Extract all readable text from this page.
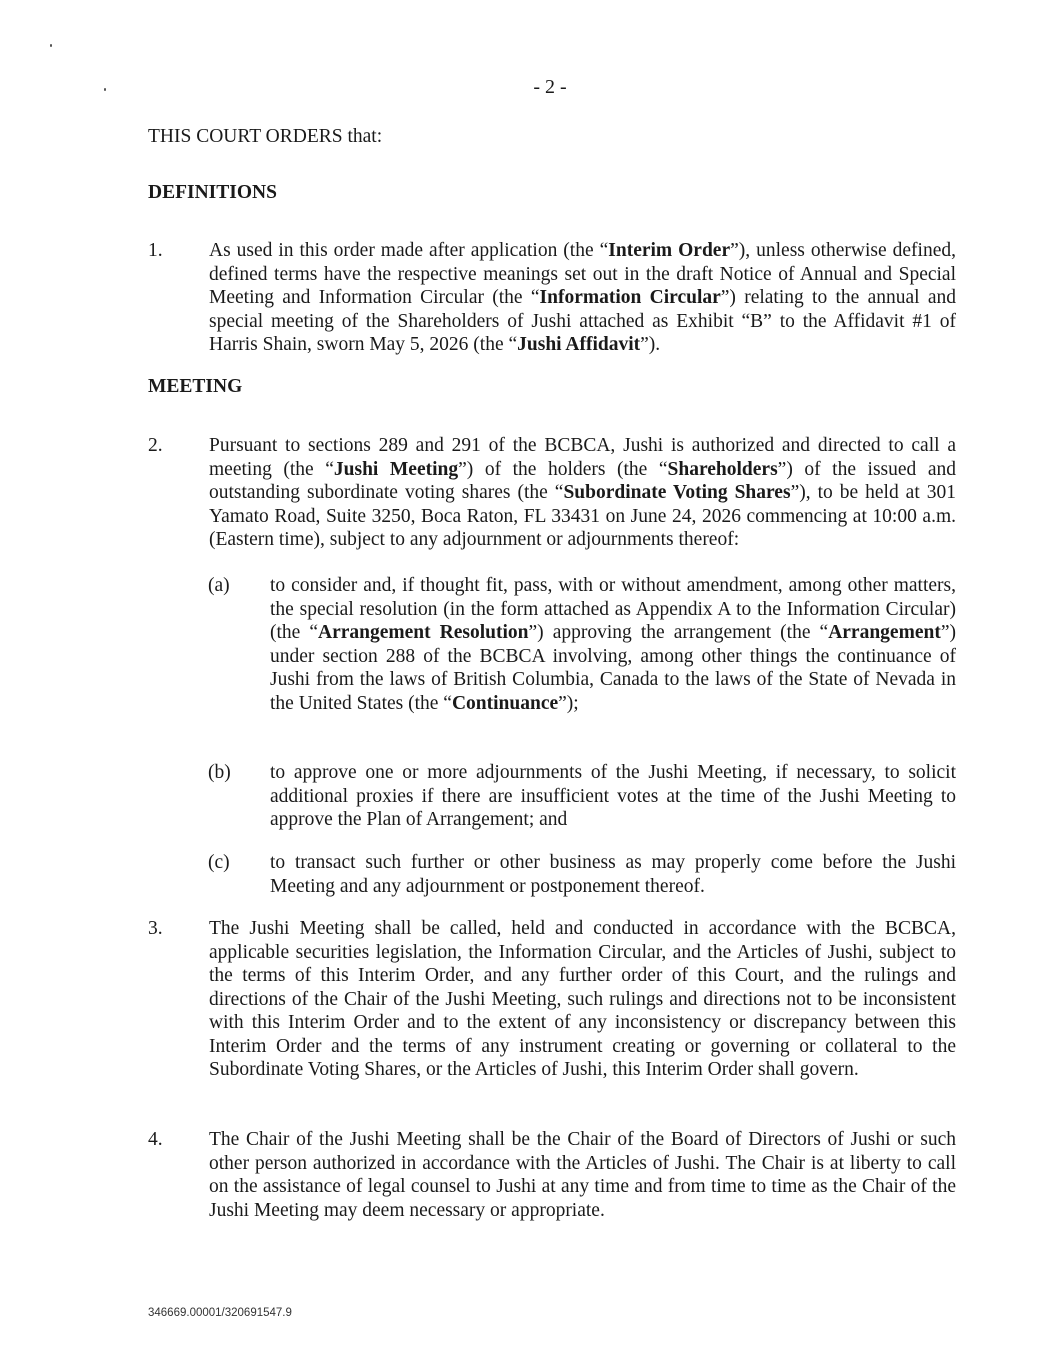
- 2 -
THIS COURT ORDERS that:
DEFINITIONS
1. As used in this order made after application (the “Interim Order”), unless otherwise defined, defined terms have the respective meanings set out in the draft Notice of Annual and Special Meeting and Information Circular (the “Information Circular”) relating to the annual and special meeting of the Shareholders of Jushi attached as Exhibit “B” to the Affidavit #1 of Harris Shain, sworn May 5, 2026 (the “Jushi Affidavit”).
MEETING
2. Pursuant to sections 289 and 291 of the BCBCA, Jushi is authorized and directed to call a meeting (the “Jushi Meeting”) of the holders (the “Shareholders”) of the issued and outstanding subordinate voting shares (the “Subordinate Voting Shares”), to be held at 301 Yamato Road, Suite 3250, Boca Raton, FL 33431 on June 24, 2026 commencing at 10:00 a.m. (Eastern time), subject to any adjournment or adjournments thereof:
(a) to consider and, if thought fit, pass, with or without amendment, among other matters, the special resolution (in the form attached as Appendix A to the Information Circular) (the “Arrangement Resolution”) approving the arrangement (the “Arrangement”) under section 288 of the BCBCA involving, among other things the continuance of Jushi from the laws of British Columbia, Canada to the laws of the State of Nevada in the United States (the “Continuance”);
(b) to approve one or more adjournments of the Jushi Meeting, if necessary, to solicit additional proxies if there are insufficient votes at the time of the Jushi Meeting to approve the Plan of Arrangement; and
(c) to transact such further or other business as may properly come before the Jushi Meeting and any adjournment or postponement thereof.
3. The Jushi Meeting shall be called, held and conducted in accordance with the BCBCA, applicable securities legislation, the Information Circular, and the Articles of Jushi, subject to the terms of this Interim Order, and any further order of this Court, and the rulings and directions of the Chair of the Jushi Meeting, such rulings and directions not to be inconsistent with this Interim Order and to the extent of any inconsistency or discrepancy between this Interim Order and the terms of any instrument creating or governing or collateral to the Subordinate Voting Shares, or the Articles of Jushi, this Interim Order shall govern.
4. The Chair of the Jushi Meeting shall be the Chair of the Board of Directors of Jushi or such other person authorized in accordance with the Articles of Jushi. The Chair is at liberty to call on the assistance of legal counsel to Jushi at any time and from time to time as the Chair of the Jushi Meeting may deem necessary or appropriate.
346669.00001/320691547.9
